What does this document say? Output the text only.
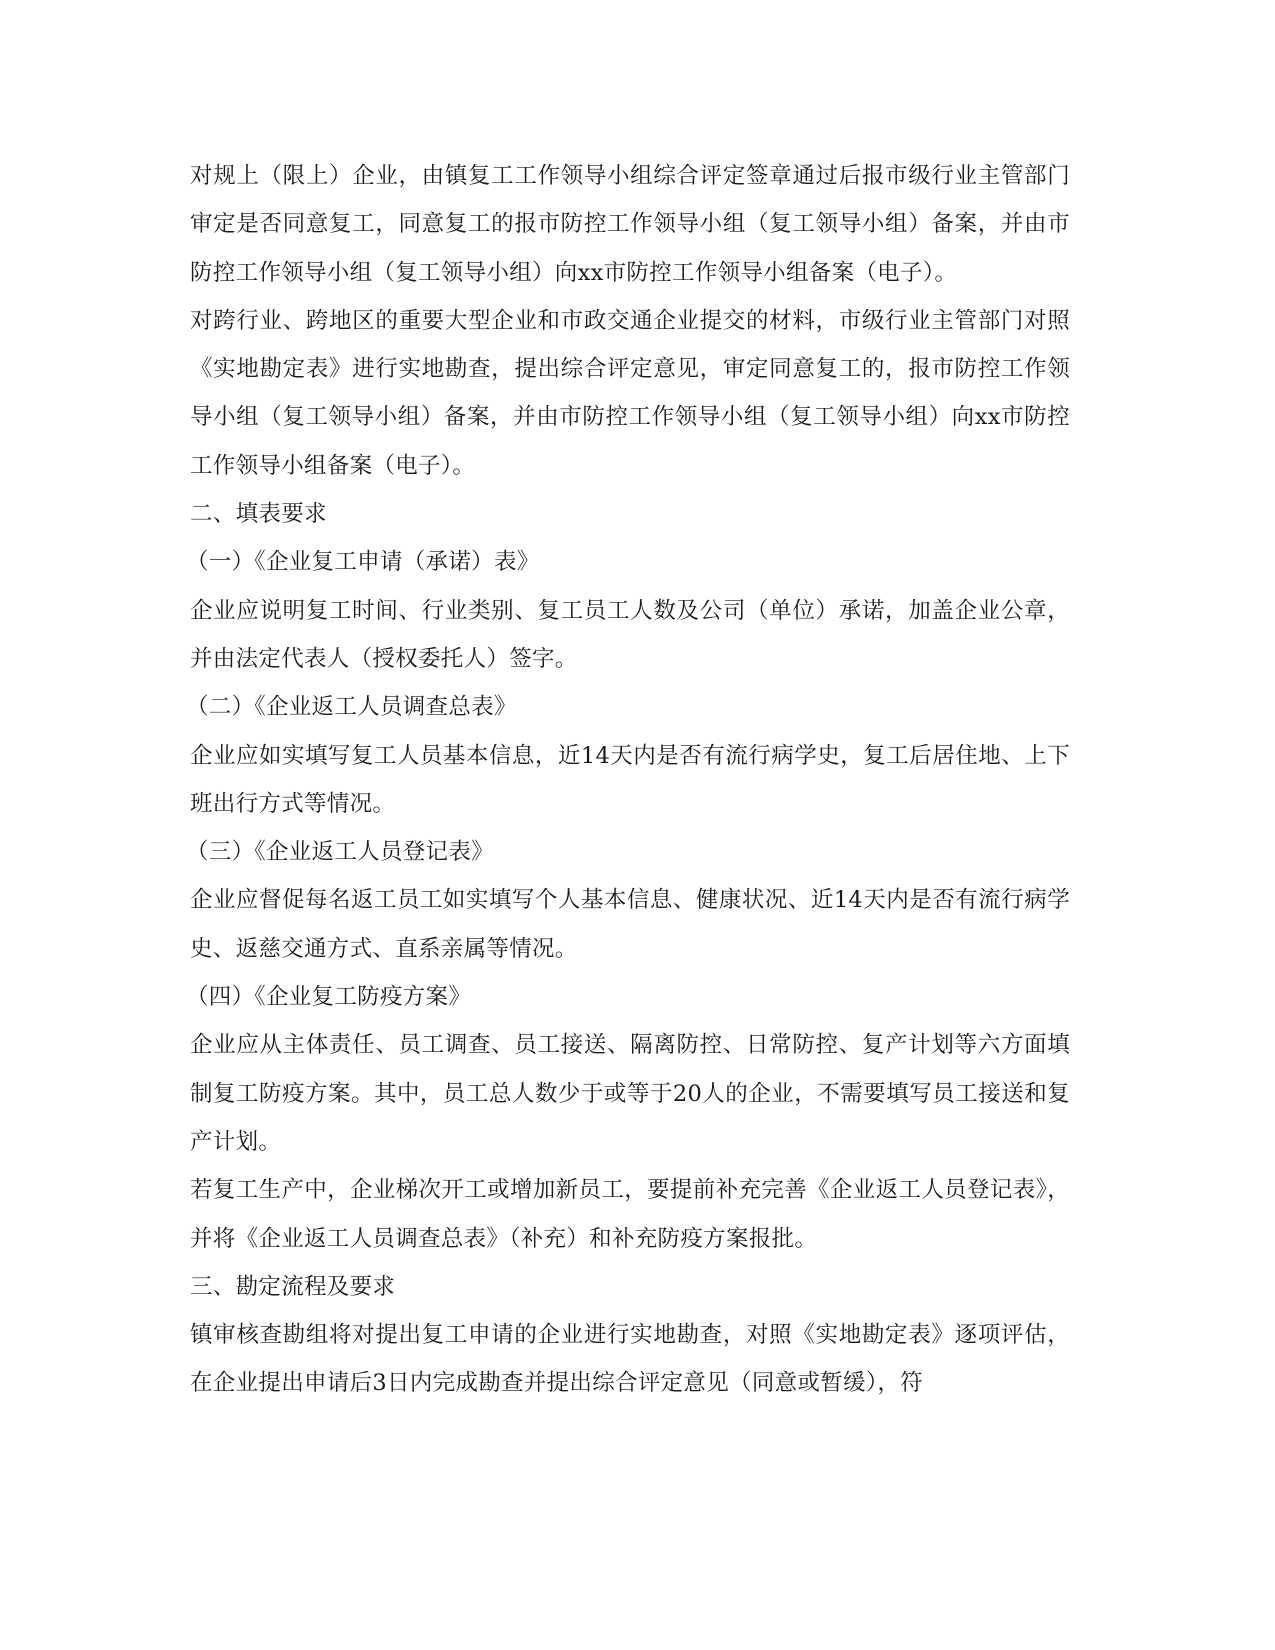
对规上（限上）企业，由镇复工工作领导小组综合评定签章通过后报市级行业主管部门审定是否同意复工，同意复工的报市防控工作领导小组（复工领导小组）备案，并由市防控工作领导小组（复工领导小组）向xx市防控工作领导小组备案（电子）。

对跨行业、跨地区的重要大型企业和市政交通企业提交的材料，市级行业主管部门对照《实地勘定表》进行实地勘查，提出综合评定意见，审定同意复工的，报市防控工作领导小组（复工领导小组）备案，并由市防控工作领导小组（复工领导小组）向xx市防控工作领导小组备案（电子）。

二、填表要求

（一）《企业复工申请（承诺）表》

企业应说明复工时间、行业类别、复工员工人数及公司（单位）承诺，加盖企业公章，并由法定代表人（授权委托人）签字。

（二）《企业返工人员调查总表》

企业应如实填写复工人员基本信息，近14天内是否有流行病学史，复工后居住地、上下班出行方式等情况。

（三）《企业返工人员登记表》

企业应督促每名返工员工如实填写个人基本信息、健康状况、近14天内是否有流行病学史、返慈交通方式、直系亲属等情况。

（四）《企业复工防疫方案》

企业应从主体责任、员工调查、员工接送、隔离防控、日常防控、复产计划等六方面填制复工防疫方案。其中，员工总人数少于或等于20人的企业，不需要填写员工接送和复产计划。

若复工生产中，企业梯次开工或增加新员工，要提前补充完善《企业返工人员登记表》，并将《企业返工人员调查总表》（补充）和补充防疫方案报批。

三、勘定流程及要求

镇审核查勘组将对提出复工申请的企业进行实地勘查，对照《实地勘定表》逐项评估，在企业提出申请后3日内完成勘查并提出综合评定意见（同意或暂缓），符
